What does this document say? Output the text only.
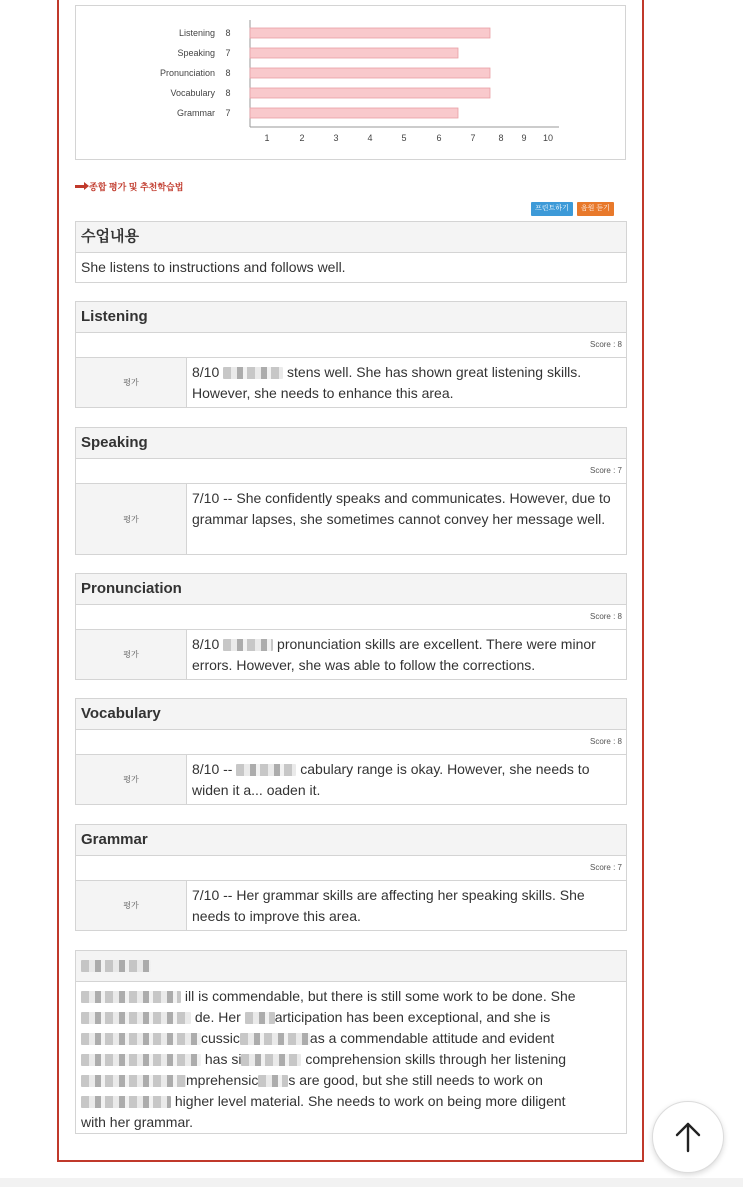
Listening 8
Speaking 7
Pronunciation 8
Vocabulary 8
Grammar 7
1	2	3	4	5	6	7	8 9 10
종합 평가 및 추천학습법
프린트하기	음원 듣기
수업내용
She listens to instructions and follows well.
Listening
Score : 8
평가
8/10	stens well. She has shown great listening skills. However, she needs to enhance this area.
Speaking
Score : 7
평가
7/10 -- She confidently speaks and communicates. However, due to grammar lapses, she sometimes cannot convey her message well.
Pronunciation
Score : 8
평가
8/10	pronunciation skills are excellent. There were minor errors. However, she was able to follow the corrections.
Vocabulary
Score : 8
평가
8/10 --	cabulary range is okay. However, she needs to widen it a... oaden it.
Grammar
Score : 7
평가
7/10 -- Her grammar skills are affecting her speaking skills. She needs to improve this area.
ill is commendable, but there is still some work to be done. She
de. Her articipation has been exceptional, and she is
cussic	as a commendable attitude and evident
has si	comprehension skills through her listening
mprehensic s are good, but she still needs to work on
higher level material. She needs to work on being more diligent
with her grammar.
